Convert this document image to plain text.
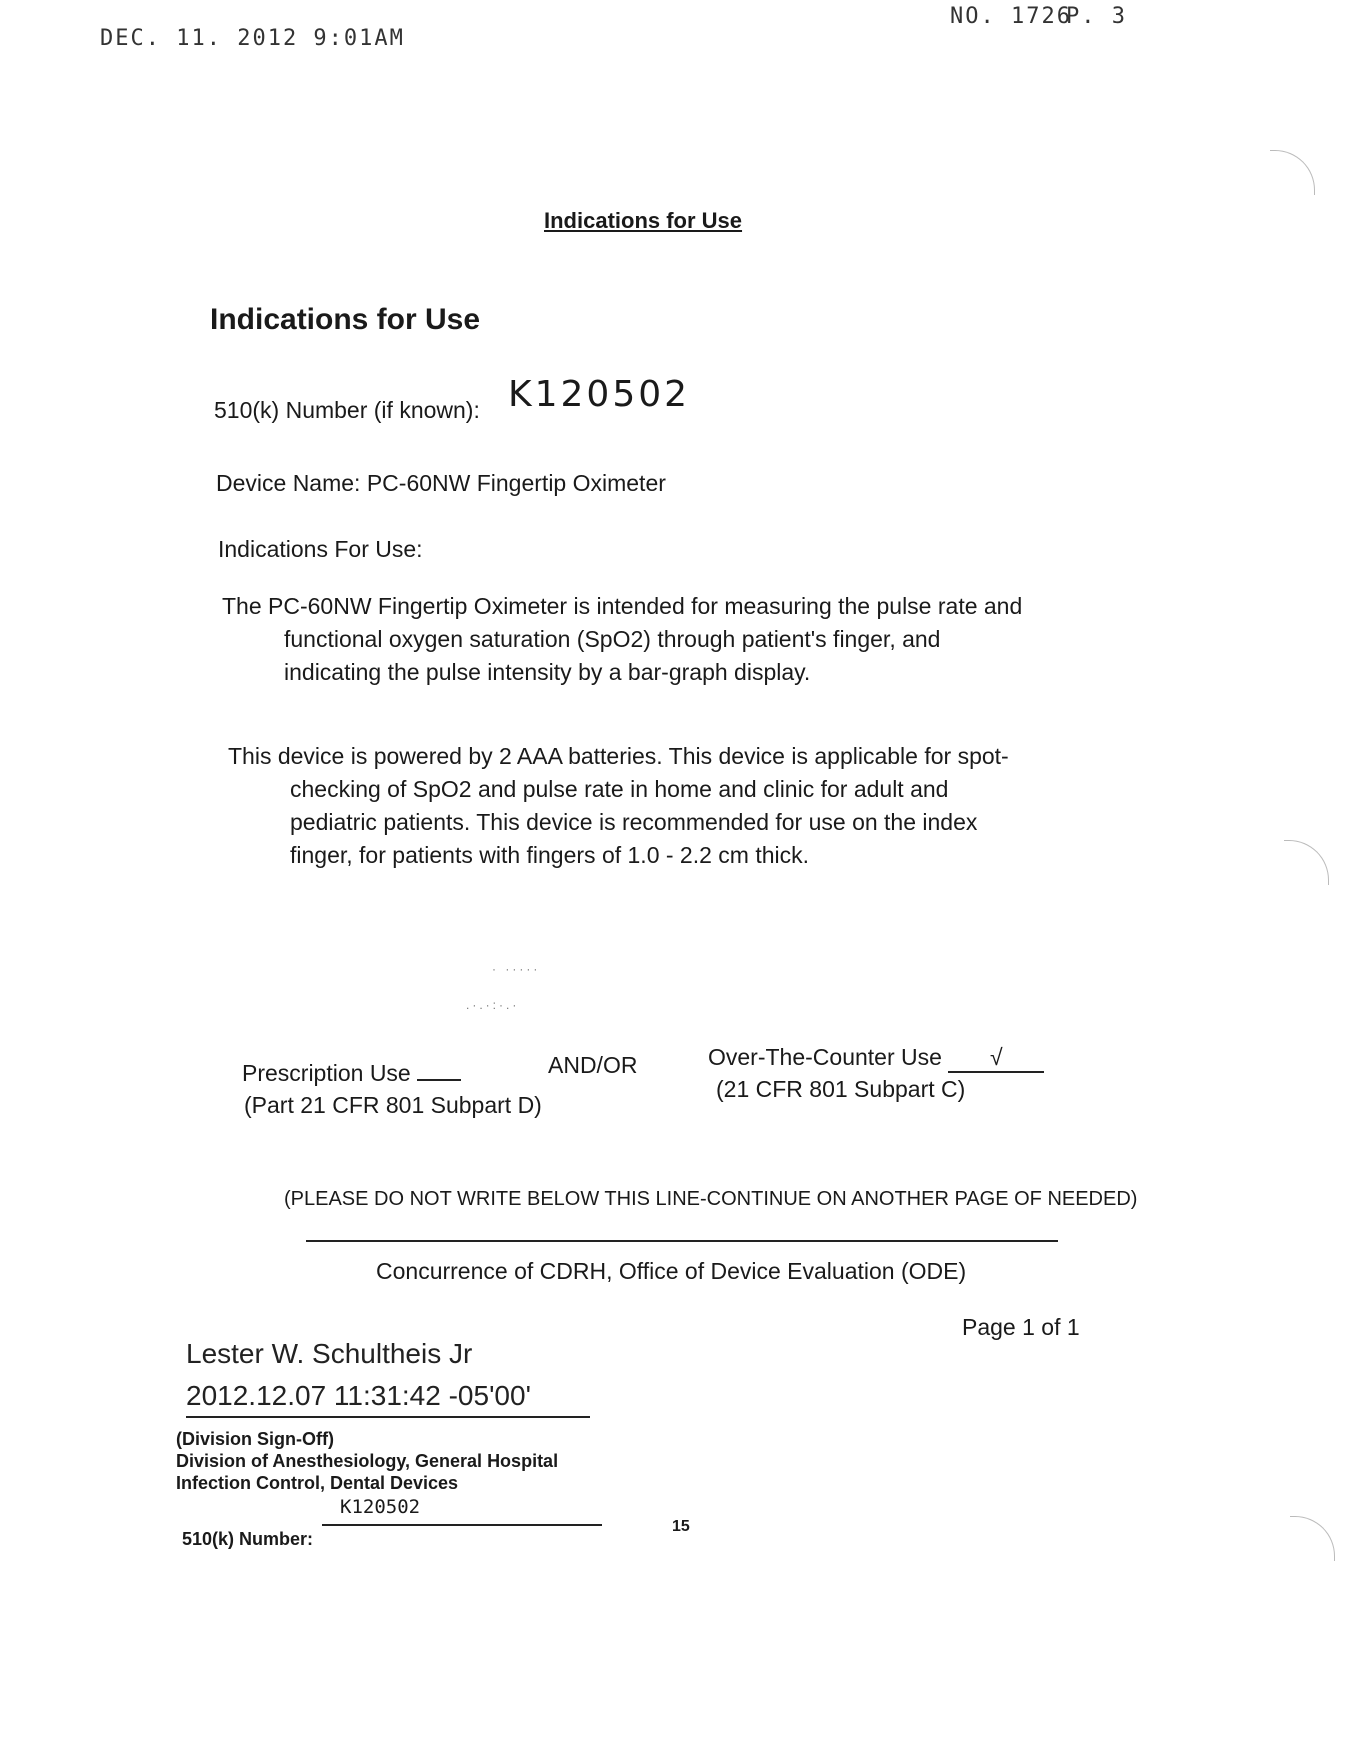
DEC. 11. 2012 9:01AM
NO. 1726
P. 3
Indications for Use
Indications for Use
510(k) Number (if known): K120502
Device Name: PC-60NW Fingertip Oximeter
Indications For Use:
The PC-60NW Fingertip Oximeter is intended for measuring the pulse rate and
functional oxygen saturation (SpO2) through patient's finger, and
indicating the pulse intensity by a bar-graph display.
This device is powered by 2 AAA batteries. This device is applicable for spot-
checking of SpO2 and pulse rate in home and clinic for adult and
pediatric patients. This device is recommended for use on the index
finger, for patients with fingers of 1.0 - 2.2 cm thick.
· ·····
.·.·:·.·
Prescription Use
(Part 21 CFR 801 Subpart D)
AND/OR	Over-The-Counter Use √
(21 CFR 801 Subpart C)
(PLEASE DO NOT WRITE BELOW THIS LINE-CONTINUE ON ANOTHER PAGE OF NEEDED)
Concurrence of CDRH, Office of Device Evaluation (ODE)
Page 1 of 1
Lester W. Schultheis Jr
2012.12.07 11:31:42 -05'00'
(Division Sign-Off)
Division of Anesthesiology, General Hospital
Infection Control, Dental Devices
K120502
510(k) Number:
15
